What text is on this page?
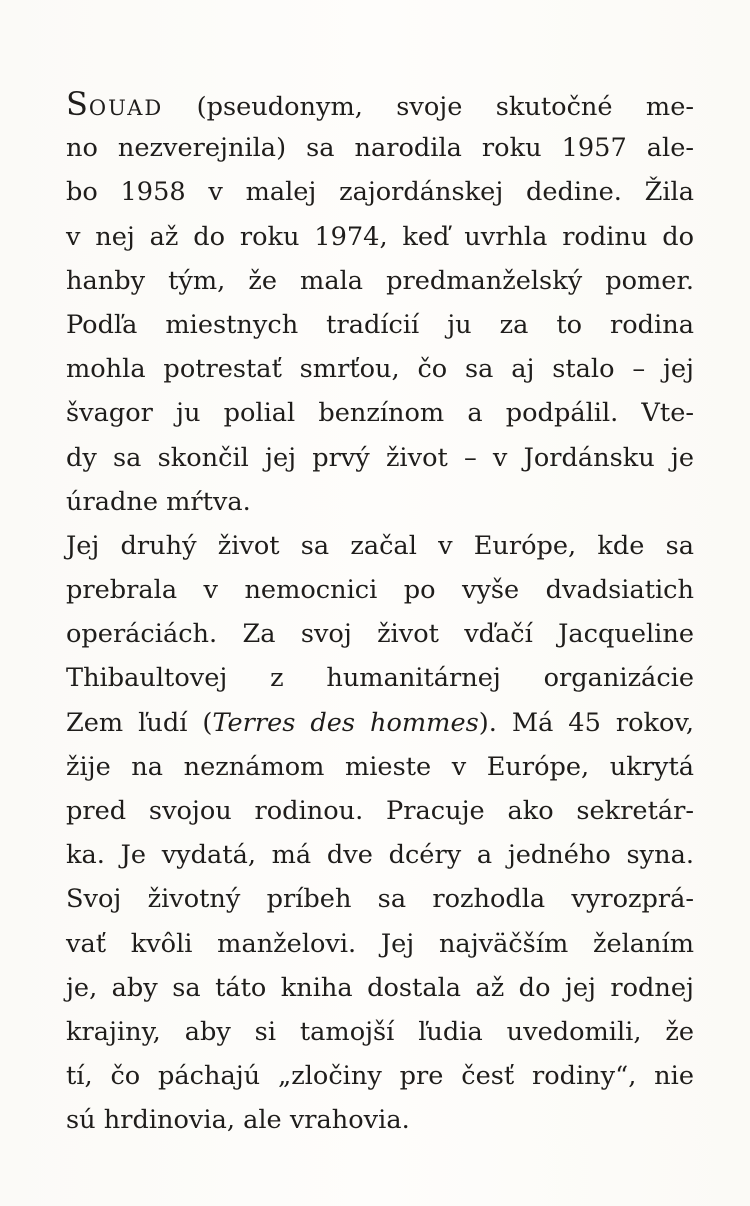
SOUAD (pseudonym, svoje skutočné me-
no nezverejnila) sa narodila roku 1957 ale-
bo 1958 v malej zajordánskej dedine. Žila
v nej až do roku 1974, keď uvrhla rodinu do
hanby tým, že mala predmanželský pomer.
Podľa miestnych tradícií ju za to rodina
mohla potrestať smrťou, čo sa aj stalo – jej
švagor ju polial benzínom a podpálil. Vte-
dy sa skončil jej prvý život – v Jordánsku je
úradne mŕtva.
Jej druhý život sa začal v Európe, kde sa
prebrala v nemocnici po vyše dvadsiatich
operáciách. Za svoj život vďačí Jacqueline
Thibaultovej z humanitárnej organizácie
Zem ľudí (Terres des hommes). Má 45 rokov,
žije na neznámom mieste v Európe, ukrytá
pred svojou rodinou. Pracuje ako sekretár-
ka. Je vydatá, má dve dcéry a jedného syna.
Svoj životný príbeh sa rozhodla vyrozprá-
vať kvôli manželovi. Jej najväčším želaním
je, aby sa táto kniha dostala až do jej rodnej
krajiny, aby si tamojší ľudia uvedomili, že
tí, čo páchajú „zločiny pre česť rodiny“, nie
sú hrdinovia, ale vrahovia.
